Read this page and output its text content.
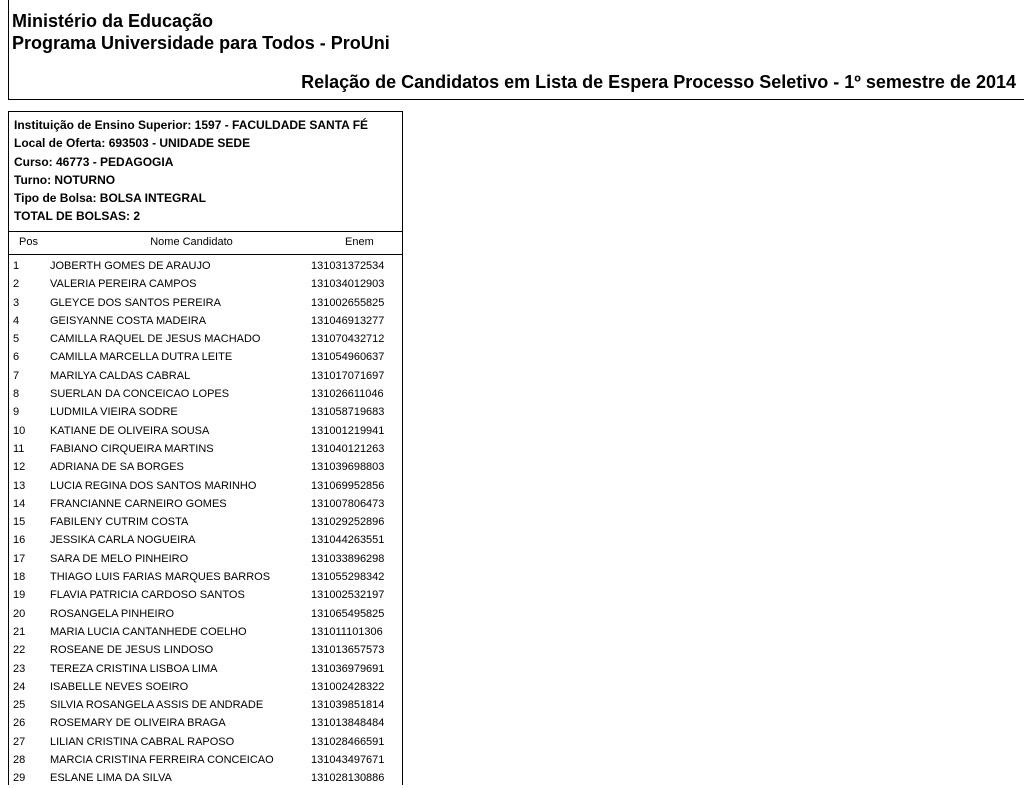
Ministério da Educação
Programa Universidade para Todos - ProUni
Relação de Candidatos em Lista de Espera Processo Seletivo - 1º semestre de 2014
Instituição de Ensino Superior: 1597 - FACULDADE SANTA FÉ
Local de Oferta: 693503 - UNIDADE SEDE
Curso: 46773 - PEDAGOGIA
Turno: NOTURNO
Tipo de Bolsa: BOLSA INTEGRAL
TOTAL DE BOLSAS: 2
Pos	Nome Candidato	Enem
1	JOBERTH GOMES DE ARAUJO	131031372534
2	VALERIA PEREIRA CAMPOS	131034012903
3	GLEYCE DOS SANTOS PEREIRA	131002655825
4	GEISYANNE COSTA MADEIRA	131046913277
5	CAMILLA RAQUEL DE JESUS MACHADO	131070432712
6	CAMILLA MARCELLA DUTRA LEITE	131054960637
7	MARILYA CALDAS CABRAL	131017071697
8	SUERLAN DA CONCEICAO LOPES	131026611046
9	LUDMILA VIEIRA SODRE	131058719683
10 KATIANE DE OLIVEIRA SOUSA	131001219941
11 FABIANO CIRQUEIRA MARTINS	131040121263
12 ADRIANA DE SA BORGES	131039698803
13 LUCIA REGINA DOS SANTOS MARINHO	131069952856
14 FRANCIANNE CARNEIRO GOMES	131007806473
15 FABILENY CUTRIM COSTA	131029252896
16 JESSIKA CARLA NOGUEIRA	131044263551
17 SARA DE MELO PINHEIRO	131033896298
18 THIAGO LUIS FARIAS MARQUES BARROS	131055298342
19 FLAVIA PATRICIA CARDOSO SANTOS	131002532197
20 ROSANGELA PINHEIRO	131065495825
21 MARIA LUCIA CANTANHEDE COELHO	131011101306
22 ROSEANE DE JESUS LINDOSO	131013657573
23 TEREZA CRISTINA LISBOA LIMA	131036979691
24 ISABELLE NEVES SOEIRO	131002428322
25 SILVIA ROSANGELA ASSIS DE ANDRADE	131039851814
26 ROSEMARY DE OLIVEIRA BRAGA	131013848484
27 LILIAN CRISTINA CABRAL RAPOSO	131028466591
28 MARCIA CRISTINA FERREIRA CONCEICAO	131043497671
29 ESLANE LIMA DA SILVA	131028130886
